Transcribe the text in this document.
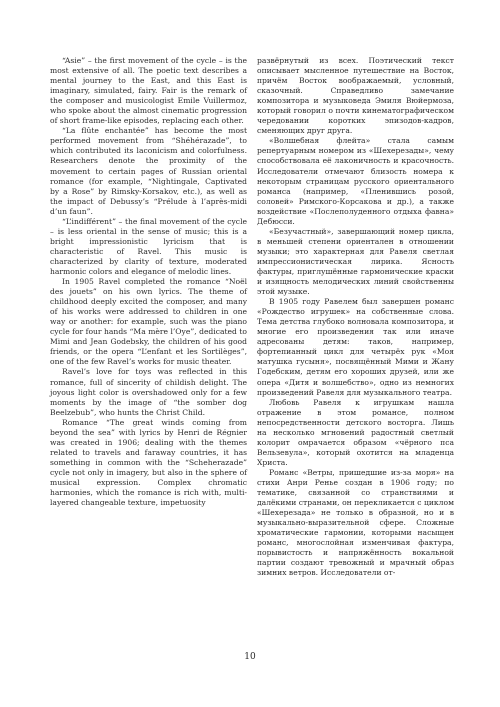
“Asie” – the first movement of the cycle – is the most extensive of all. The poetic text describes a mental journey to the East, and this East is imaginary, simulated, fairy. Fair is the remark of the composer and musicologist Emile Vuillermoz, who spoke about the almost cinematic progression of short frame-like episodes, replacing each other.

“La flûte enchantée” has become the most performed movement from “Shéhérazade”, to which contributed its laconicism and colorfulness. Researchers denote the proximity of the movement to certain pages of Russian oriental romance (for example, “Nightingale, Captivated by a Rose” by Rimsky-Korsakov, etc.), as well as the impact of Debussy’s “Prélude à l’après-midi d’un faun”.

“L’indifférent” – the final movement of the cycle – is less oriental in the sense of music; this is a bright impressionistic lyricism that is characteristic of Ravel. This music is characterized by clarity of texture, moderated harmonic colors and elegance of melodic lines.

In 1905 Ravel completed the romance “Noël des jouets” on his own lyrics. The theme of childhood deeply excited the composer, and many of his works were addressed to children in one way or another: for example, such was the piano cycle for four hands “Ma mère l’Oye”, dedicated to Mimi and Jean Godebsky, the children of his good friends, or the opera “L’enfant et les Sortilèges”, one of the few Ravel’s works for music theater.

Ravel’s love for toys was reflected in this romance, full of sincerity of childish delight. The joyous light color is overshadowed only for a few moments by the image of “the somber dog Beelzebub”, who hunts the Christ Child.

Romance “The great winds coming from beyond the sea” with lyrics by Henri de Régnier was created in 1906; dealing with the themes related to travels and faraway countries, it has something in common with the “Scheherazade” cycle not only in imagery, but also in the sphere of musical expression. Complex chromatic harmonies, which the romance is rich with, multi-layered changeable texture, impetuosity

развёрнутый из всех. Поэтический текст описывает мысленное путешествие на Восток, причём Восток воображаемый, условный, сказочный. Справедливо замечание композитора и музыковеда Эмиля Вюйермоза, который говорил о почти кинематографическом чередовании коротких эпизодов-кадров, сменяющих друг друга.

«Волшебная флейта» стала самым репертуарным номером из «Шехерезады», чему способствовала её лаконичность и красочность. Исследователи отмечают близость номера к некоторым страницам русского ориентального романса (например, «Пленившись розой, соловей» Римского-Корсакова и др.), а также воздействие «Послеполуденного отдыха фавна» Дебюсси.

«Безучастный», завершающий номер цикла, в меньшей степени ориентален в отношении музыки; это характерная для Равеля светлая импрессионистическая лирика. Ясность фактуры, приглушённые гармонические краски и изящность мелодических линий свойственны этой музыке.

В 1905 году Равелем был завершен романс «Рождество игрушек» на собственные слова. Тема детства глубоко волновала композитора, и многие его произведения так или иначе адресованы детям: таков, например, фортепианный цикл для четырёх рук «Моя матушка гусыня», посвящённый Мими и Жану Годебским, детям его хороших друзей, или же опера «Дитя и волшебство», одно из немногих произведений Равеля для музыкального театра.

Любовь Равеля к игрушкам нашла отражение в этом романсе, полном непосредственности детского восторга. Лишь на несколько мгновений радостный светлый колорит омрачается образом «чёрного пса Вельзевула», который охотится на младенца Христа.

Романс «Ветры, пришедшие из-за моря» на стихи Анри Ренье создан в 1906 году; по тематике, связанной со странствиями и далёкими странами, он перекликается с циклом «Шехерезада» не только в образной, но и в музыкально-выразительной сфере. Сложные хроматические гармонии, которыми насыщен романс, многослойная изменчивая фактура, порывистость и напряжённость вокальной партии создают тревожный и мрачный образ зимних ветров. Исследователи от-

10
